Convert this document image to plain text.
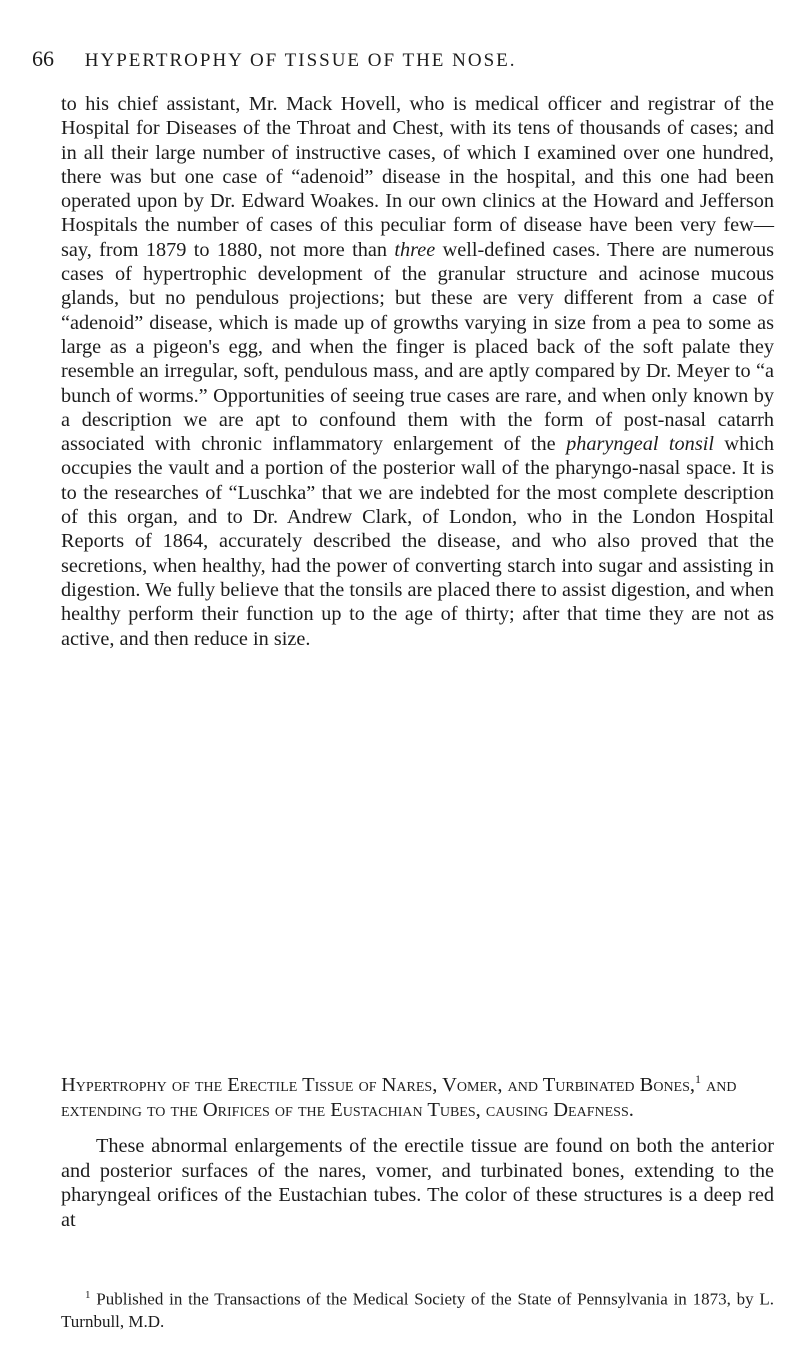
66 HYPERTROPHY OF TISSUE OF THE NOSE.

to his chief assistant, Mr. Mack Hovell, who is medical officer and registrar of the Hospital for Diseases of the Throat and Chest, with its tens of thousands of cases; and in all their large number of instructive cases, of which I examined over one hundred, there was but one case of “adenoid” disease in the hospital, and this one had been operated upon by Dr. Edward Woakes. In our own clinics at the Howard and Jefferson Hospitals the number of cases of this peculiar form of disease have been very few—say, from 1879 to 1880, not more than three well-defined cases. There are numerous cases of hypertrophic development of the granular structure and acinose mucous glands, but no pendulous projections; but these are very different from a case of “adenoid” disease, which is made up of growths varying in size from a pea to some as large as a pigeon's egg, and when the finger is placed back of the soft palate they resemble an irregular, soft, pendulous mass, and are aptly compared by Dr. Meyer to “a bunch of worms.” Opportunities of seeing true cases are rare, and when only known by a description we are apt to confound them with the form of post-nasal catarrh associated with chronic inflammatory enlargement of the pharyngeal tonsil which occupies the vault and a portion of the posterior wall of the pharyngo-nasal space. It is to the researches of “Luschka” that we are indebted for the most complete description of this organ, and to Dr. Andrew Clark, of London, who in the London Hospital Reports of 1864, accurately described the disease, and who also proved that the secretions, when healthy, had the power of converting starch into sugar and assisting in digestion. We fully believe that the tonsils are placed there to assist digestion, and when healthy perform their function up to the age of thirty; after that time they are not as active, and then reduce in size.

Hypertrophy of the Erectile Tissue of Nares, Vomer, and Turbinated Bones,$^1$ and extending to the Orifices of the Eustachian Tubes, causing Deafness.
These abnormal enlargements of the erectile tissue are found on both the anterior and posterior surfaces of the nares, vomer, and turbinated bones, extending to the pharyngeal orifices of the Eustachian tubes. The color of these structures is a deep red at
$^1$ Published in the Transactions of the Medical Society of the State of Pennsylvania in 1873, by L. Turnbull, M.D.
